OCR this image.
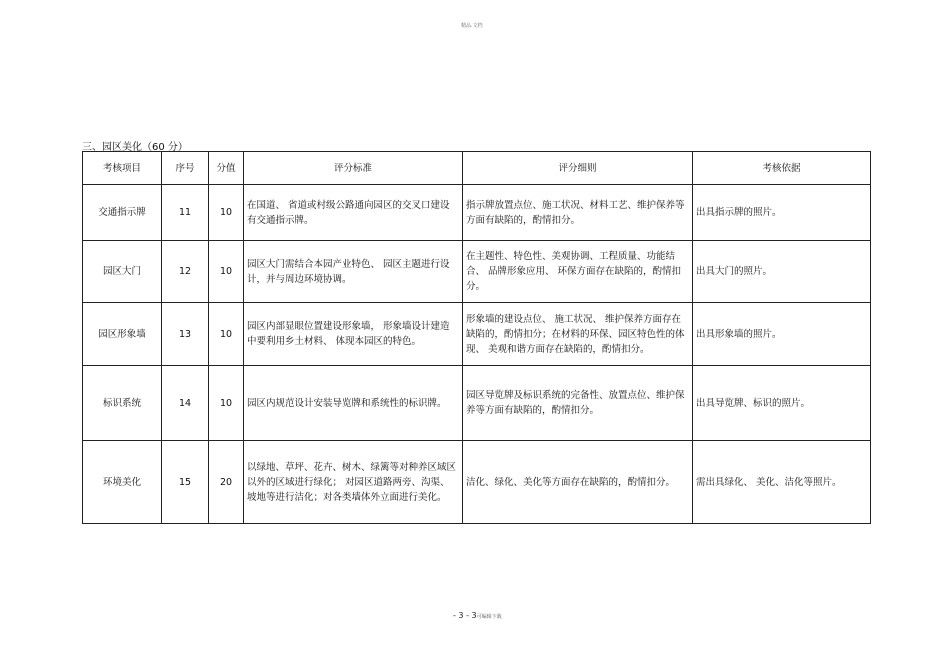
精品.文档
三、园区美化（60 分）
考核项目	序号	分值	评分标准	评分细则	考核依据
交通指示牌	11	10	在国道、 省道或村级公路通向园区的交叉口建设有交通指示牌。	指示牌放置点位、施工状况、材料工艺、维护保养等方面有缺陷的，酌情扣分。	出具指示牌的照片。
园区大门	12	10	园区大门需结合本园产业特色、 园区主题进行设计，并与周边环境协调。	在主题性、特色性、美观协调、工程质量、功能结合、 品牌形象应用、 环保方面存在缺陷的，酌情扣分。	出具大门的照片。
园区形象墙	13	10	园区内部显眼位置建设形象墙， 形象墙设计建造中要利用乡土材料、 体现本园区的特色。	形象墙的建设点位、 施工状况、 维护保养方面存在缺陷的，酌情扣分；在材料的环保、园区特色性的体现、 美观和谐方面存在缺陷的，酌情扣分。	出具形象墙的照片。
标识系统	14	10	园区内规范设计安装导览牌和系统性的标识牌。	园区导览牌及标识系统的完备性、放置点位、维护保养等方面有缺陷的，酌情扣分。	出具导览牌、标识的照片。
环境美化	15	20	以绿地、草坪、花卉、树木、绿篱等对种养区域区以外的区域进行绿化； 对园区道路两旁、沟渠、坡地等进行洁化；对各类墙体外立面进行美化。	洁化、绿化、美化等方面存在缺陷的，酌情扣分。	需出具绿化、 美化、洁化等照片。
- 3 - 3可编辑下载
